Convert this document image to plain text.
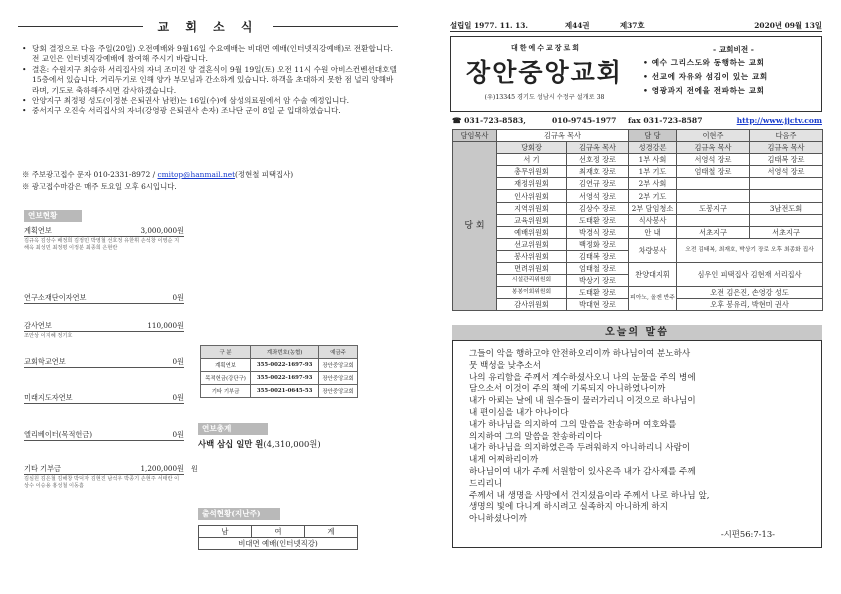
교 회 소 식
• 당회 결정으로 다음 주일(20일) 오전예배와 9월16일 수요예배는 비대면 예배(인터넷직강예배)로 전환합니다. 전 교인은 인터넷직강예배에 참여해 주시기 바랍니다.
• 결혼: 수원지구 최승하 서리집사의 자녀 조미진 양 결혼식이 9월 19일(토) 오전 11시 수원 아비스컨벤션대호텔 15층에서 있습니다. 거리두기로 인해 양가 부모님과 간소하게 있습니다. 하객을 초대하지 못한 점 널리 양해바라며, 기도로 축하해주시면 감사하겠습니다.
• 안양지구 최정평 성도(이정분 은퇴권사 남편)는 16일(수)에 삼성의료원에서 암 수술 예정입니다.
• 중서지구 오진숙 서리집사의 자녀(강영광 은퇴권사 손자) 조나단 군이 8일 군 입대하였습니다.
※ 주보광고접수 문자 010-2331-8972 / cmitop@hanmail.net(정현철 피택집사)
※ 광고접수마감은 매주 토요일 오후 6시입니다.
연보현황
계획연보	3,000,000원
김규옥 김상수 배정희 김정민 박영철 선호정 유한휘 손석창 이영순 지해옥 최성민 최정평 이정분 최종희 은현란
연구소재단이자연보	0원
감사연보	110,000원
조안상 이지혜 정기호
교회학교연보	0원
미래지도자연보	0원
엘리베이터(목적헌금)	0원
기타 기부금	1,200,000원 원
김심원 김은철 김해창 박덕자 김현진 남석우 박종기 손현주 서태란 이상수 이승용 홍성철 이동흠
구 분	계좌번호(농협)	예금주
계획연보	355-0022-1697-93	장안중앙교회
목적헌금(강단구)	355-0022-1697-93	장안중앙교회
기타 기부금	355-0021-0645-53	장안중앙교회
연보총계
사백 삼십 일만 원(4,310,000원)
출석현황(지난주)
남	여	계
비대면 예배(인터넷직강)
설립일 1977. 11. 13.	제44권	제37호	2020년 09월 13일
대한예수교장로회
장안중앙교회
(우)13345 경기도 성남시 수정구 설개로 38
- 교회비전 -
• 예수 그리스도와 동행하는 교회
• 선교에 자유와 섬김이 있는 교회
• 영광과지 전에을 전파하는 교회
☎ 031-723-8583,	010-9745-1977 fax 031-723-8587	http://www.jjctv.com
담임목사	김규옥 목사		담 당	이현주	다음주
당 회	당회장	김규옥 목사	성경강론	김규옥 목사	김규옥 목사
	서 기	선호정 장로	1부 사회	서영석 장로	김태복 장로
	총무위원회	최재호 장로	1부 기도	엄태철 장로	서영석 장로
	재정위원회	김연규 장로	2부 사회		
	인사위원회	서영석 장로	2부 기도		
	지역위원회	김상수 장로	2부 담임청소	도봉지구	3남전도회
	교육위원회	도태환 장로	식사봉사		
	예배위원회	박경식 장로	안 내	서초지구	서초지구
	선교위원회	백정화 장로	차량봉사	오전 김태복, 최재호, 박상기 장로 오후 최종화 집사	
	봉사위원회	김태복 장로			
	면려위원회	엄태철 장로	찬양대지휘	심우인 피택집사 김현재 서리집사	
	시설관리위원회	박상기 장로			
	봉봉이회위원회	도태환 장로	피아노, 올겐 반주	오전 김은진, 손영강 성도	
	감사위원회	박대현 장로		오후 봉유리, 박현미 권사	
오늘의 말씀
그들이 악을 행하고야 안전하오리이까 하나님이여 분노하사
뭇 백성을 낮추소서
나의 유리함을 주께서 계수하셨사오니 나의 눈물을 주의 병에
담으소서 이것이 주의 책에 기록되지 아니하였나이까
내가 아뢰는 날에 내 원수들이 물러가리니 이것으로 하나님이
내 편이심을 내가 아나이다
내가 하나님을 의지하여 그의 말씀을 찬송하며 여호와를
의지하여 그의 말씀을 찬송하리이다
내가 하나님을 의지하였은즉 두려워하지 아니하리니 사람이
내게 어찌하리이까
하나님이여 내가 주께 서원함이 있사온즉 내가 감사제를 주께
드리리니
주께서 내 생명을 사망에서 건지셨음이라 주께서 나로 하나님 앞,
생명의 빛에 다니게 하시려고 실족하지 아니하게 하지
아니하셨나이까
-시편56:7-13-
